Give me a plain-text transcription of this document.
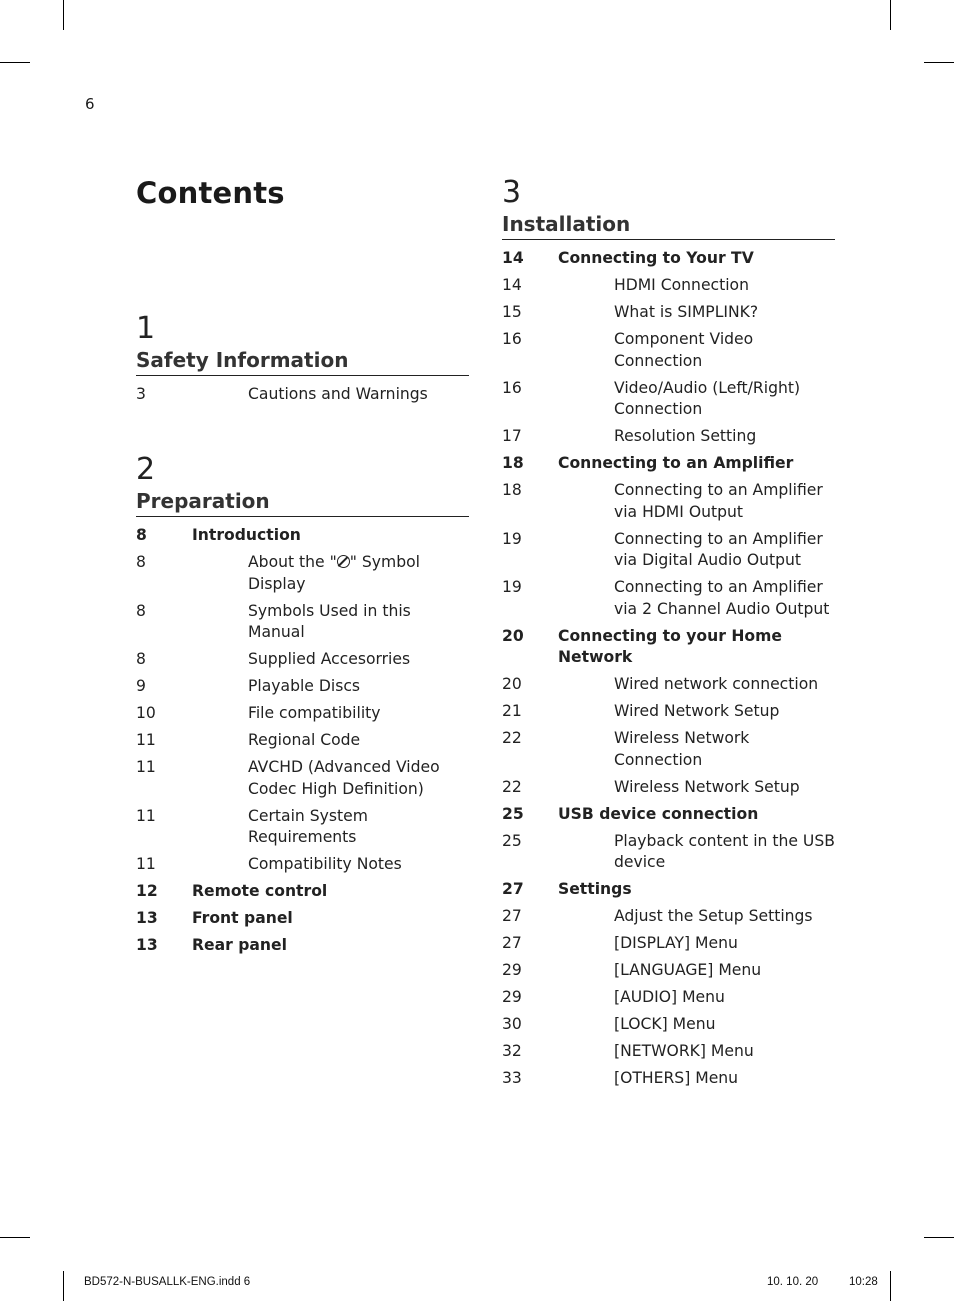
6
Contents
1
Safety Information
3	Cautions and Warnings
2
Preparation
8	Introduction
8	About the " " Symbol Display
8	Symbols Used in this Manual
8	Supplied Accesorries
9	Playable Discs
10	File compatibility
11	Regional Code
11	AVCHD (Advanced Video Codec High Definition)
11	Certain System Requirements
11	Compatibility Notes
12 Remote control
13 Front panel
13 Rear panel
3
Installation
14 Connecting to Your TV
14	HDMI Connection
15	What is SIMPLINK?
16	Component Video Connection
16	Video/Audio (Left/Right) Connection
17	Resolution Setting
18 Connecting to an Amplifier
18	Connecting to an Amplifier via HDMI Output
19	Connecting to an Amplifier via Digital Audio Output
19	Connecting to an Amplifier via 2 Channel Audio Output
20 Connecting to your Home Network
20	Wired network connection
21	Wired Network Setup
22	Wireless Network Connection
22	Wireless Network Setup
25 USB device connection
25	Playback content in the USB device
27 Settings
27	Adjust the Setup Settings
27	[DISPLAY] Menu
29	[LANGUAGE] Menu
29	[AUDIO] Menu
30	[LOCK] Menu
32	[NETWORK] Menu
33	[OTHERS] Menu
BD572-N-BUSALLK-ENG.indd 6	10. 10. 20	10:28
